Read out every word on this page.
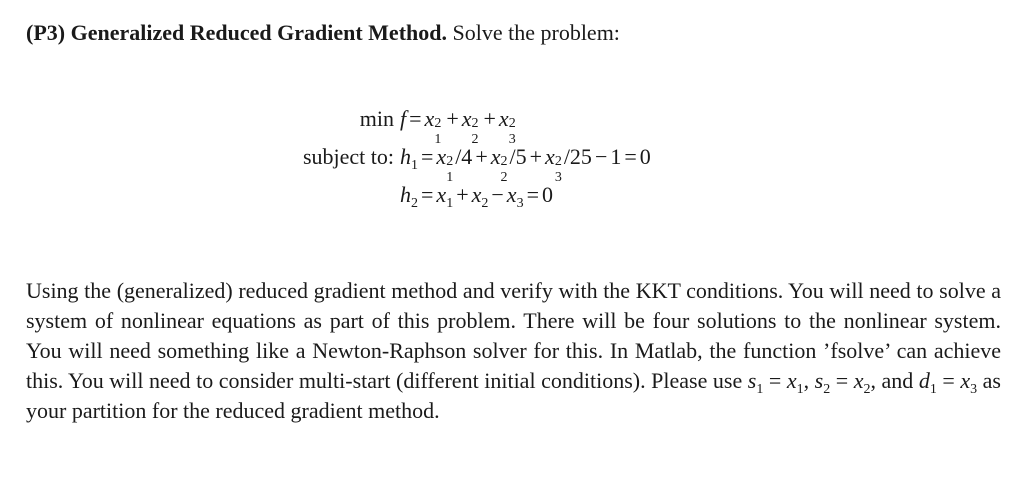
(P3) Generalized Reduced Gradient Method. Solve the problem:
min f = x 2
1
+ x 2
2
+ x 2
3
subject to: $h_1 = x$ 2
1
/4 + x 2
2
/5 + x 2
3
/25 − 1 = 0
$h_2 = x_1 + x_2 - x_3 = 0$
Using the (generalized) reduced gradient method and verify with the KKT conditions. You will need to solve a system of nonlinear equations as part of this problem. There will be four solutions to the nonlinear system. You will need something like a Newton-Raphson solver for this. In Matlab, the function ’fsolve’ can achieve this. You will need to consider multi-start (different initial conditions). Please use $s_1 = x_1$, $s_2 = x_2$, and $d_1 = x_3$ as your partition for the reduced gradient method.
